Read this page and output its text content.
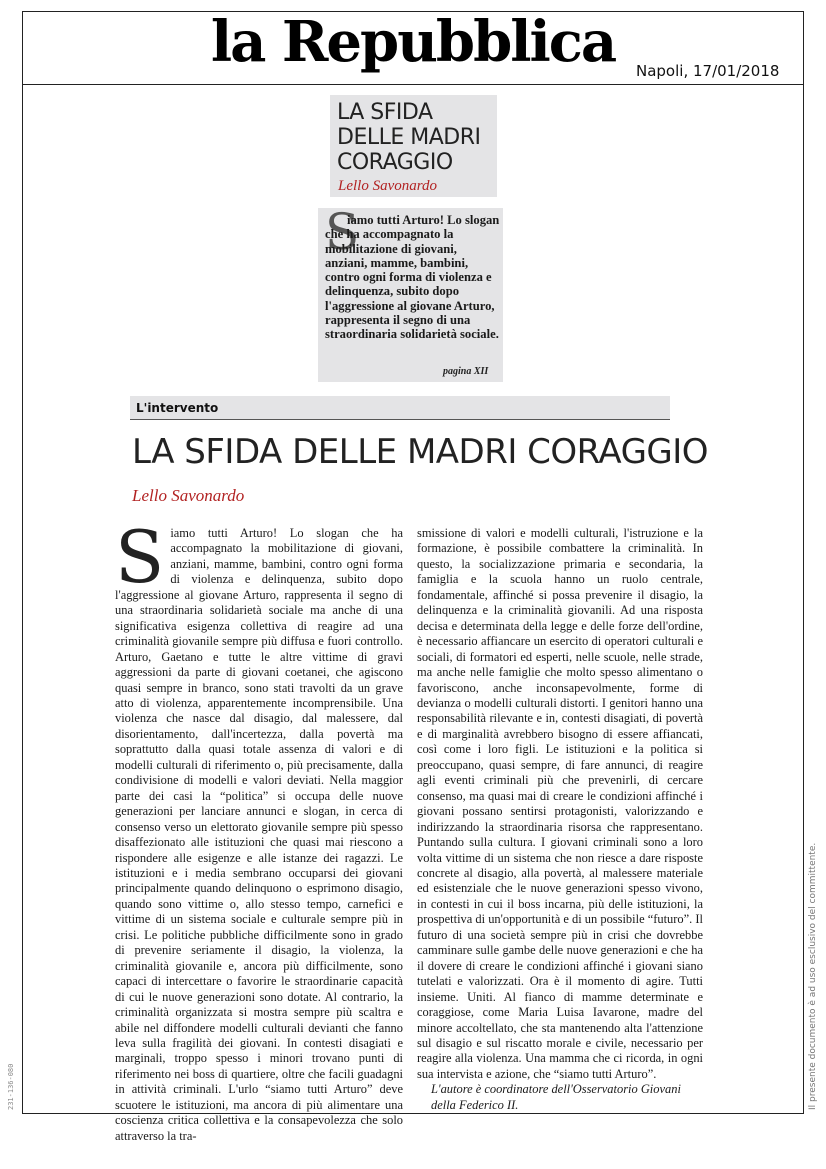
la Repubblica	Napoli, 17/01/2018
LA SFIDA DELLE MADRI CORAGGIO
Lello Savonardo
S
iamo tutti Arturo! Lo slogan che ha accompagnato la mobilitazione di giovani, anziani, mamme, bambini, contro ogni forma di violenza e delinquenza, subito dopo l'aggressione al giovane Arturo, rappresenta il segno di una straordinaria solidarietà sociale.
pagina XII
L'intervento
LA SFIDA DELLE MADRI CORAGGIO
Lello Savonardo
S iamo tutti Arturo! Lo slogan che ha accompagnato la mobilitazione di giovani, anziani, mamme, bambini, contro ogni forma di violenza e delinquenza, subito dopo l'aggressione al giovane Arturo, rappresenta il segno di una straordinaria solidarietà sociale ma anche di una significativa esigenza collettiva di reagire ad una criminalità giovanile sempre più diffusa e fuori controllo. Arturo, Gaetano e tutte le altre vittime di gravi aggressioni da parte di giovani coetanei, che agiscono quasi sempre in branco, sono stati travolti da un grave atto di violenza, apparentemente incomprensibile. Una violenza che nasce dal disagio, dal malessere, dal disorientamento, dall'incertezza, dalla povertà ma soprattutto dalla quasi totale assenza di valori e di modelli culturali di riferimento o, più precisamente, dalla condivisione di modelli e valori deviati. Nella maggior parte dei casi la “politica” si occupa delle nuove generazioni per lanciare annunci e slogan, in cerca di consenso verso un elettorato giovanile sempre più spesso disaffezionato alle istituzioni che quasi mai riescono a rispondere alle esigenze e alle istanze dei ragazzi. Le istituzioni e i media sembrano occuparsi dei giovani principalmente quando delinquono o esprimono disagio, quando sono vittime o, allo stesso tempo, carnefici e vittime di un sistema sociale e culturale sempre più in crisi. Le politiche pubbliche difficilmente sono in grado di prevenire seriamente il disagio, la violenza, la criminalità giovanile e, ancora più difficilmente, sono capaci di intercettare o favorire le straordinarie capacità di cui le nuove generazioni sono dotate. Al contrario, la criminalità organizzata si mostra sempre più scaltra e abile nel diffondere modelli culturali devianti che fanno leva sulla fragilità dei giovani. In contesti disagiati e marginali, troppo spesso i minori trovano punti di riferimento nei boss di quartiere, oltre che facili guadagni in attività criminali. L'urlo “siamo tutti Arturo” deve scuotere le istituzioni, ma ancora di più alimentare una coscienza critica collettiva e la consapevolezza che solo attraverso la tra-

smissione di valori e modelli culturali, l'istruzione e la formazione, è possibile combattere la criminalità. In questo, la socializzazione primaria e secondaria, la famiglia e la scuola hanno un ruolo centrale, fondamentale, affinché si possa prevenire il disagio, la delinquenza e la criminalità giovanili. Ad una risposta decisa e determinata della legge e delle forze dell'ordine, è necessario affiancare un esercito di operatori culturali e sociali, di formatori ed esperti, nelle scuole, nelle strade, ma anche nelle famiglie che molto spesso alimentano o favoriscono, anche inconsapevolmente, forme di devianza o modelli culturali distorti. I genitori hanno una responsabilità rilevante e in, contesti disagiati, di povertà e di marginalità avrebbero bisogno di essere affiancati, così come i loro figli. Le istituzioni e la politica si preoccupano, quasi sempre, di fare annunci, di reagire agli eventi criminali più che prevenirli, di cercare consenso, ma quasi mai di creare le condizioni affinché i giovani possano sentirsi protagonisti, valorizzando e indirizzando la straordinaria risorsa che rappresentano. Puntando sulla cultura. I giovani criminali sono a loro volta vittime di un sistema che non riesce a dare risposte concrete al disagio, alla povertà, al malessere materiale ed esistenziale che le nuove generazioni spesso vivono, in contesti in cui il boss incarna, più delle istituzioni, la prospettiva di un'opportunità e di un possibile “futuro”. Il futuro di una società sempre più in crisi che dovrebbe camminare sulle gambe delle nuove generazioni e che ha il dovere di creare le condizioni affinché i giovani siano tutelati e valorizzati. Ora è il momento di agire. Tutti insieme. Uniti. Al fianco di mamme determinate e coraggiose, come Maria Luisa Iavarone, madre del minore accoltellato, che sta mantenendo alta l'attenzione sul disagio e sul riscatto morale e civile, necessario per reagire alla violenza. Una mamma che ci ricorda, in ogni sua intervista e azione, che “siamo tutti Arturo”.

L'autore è coordinatore dell'Osservatorio Giovani della Federico II.	Il presente documento è ad uso esclusivo del committente.
231-136-080
